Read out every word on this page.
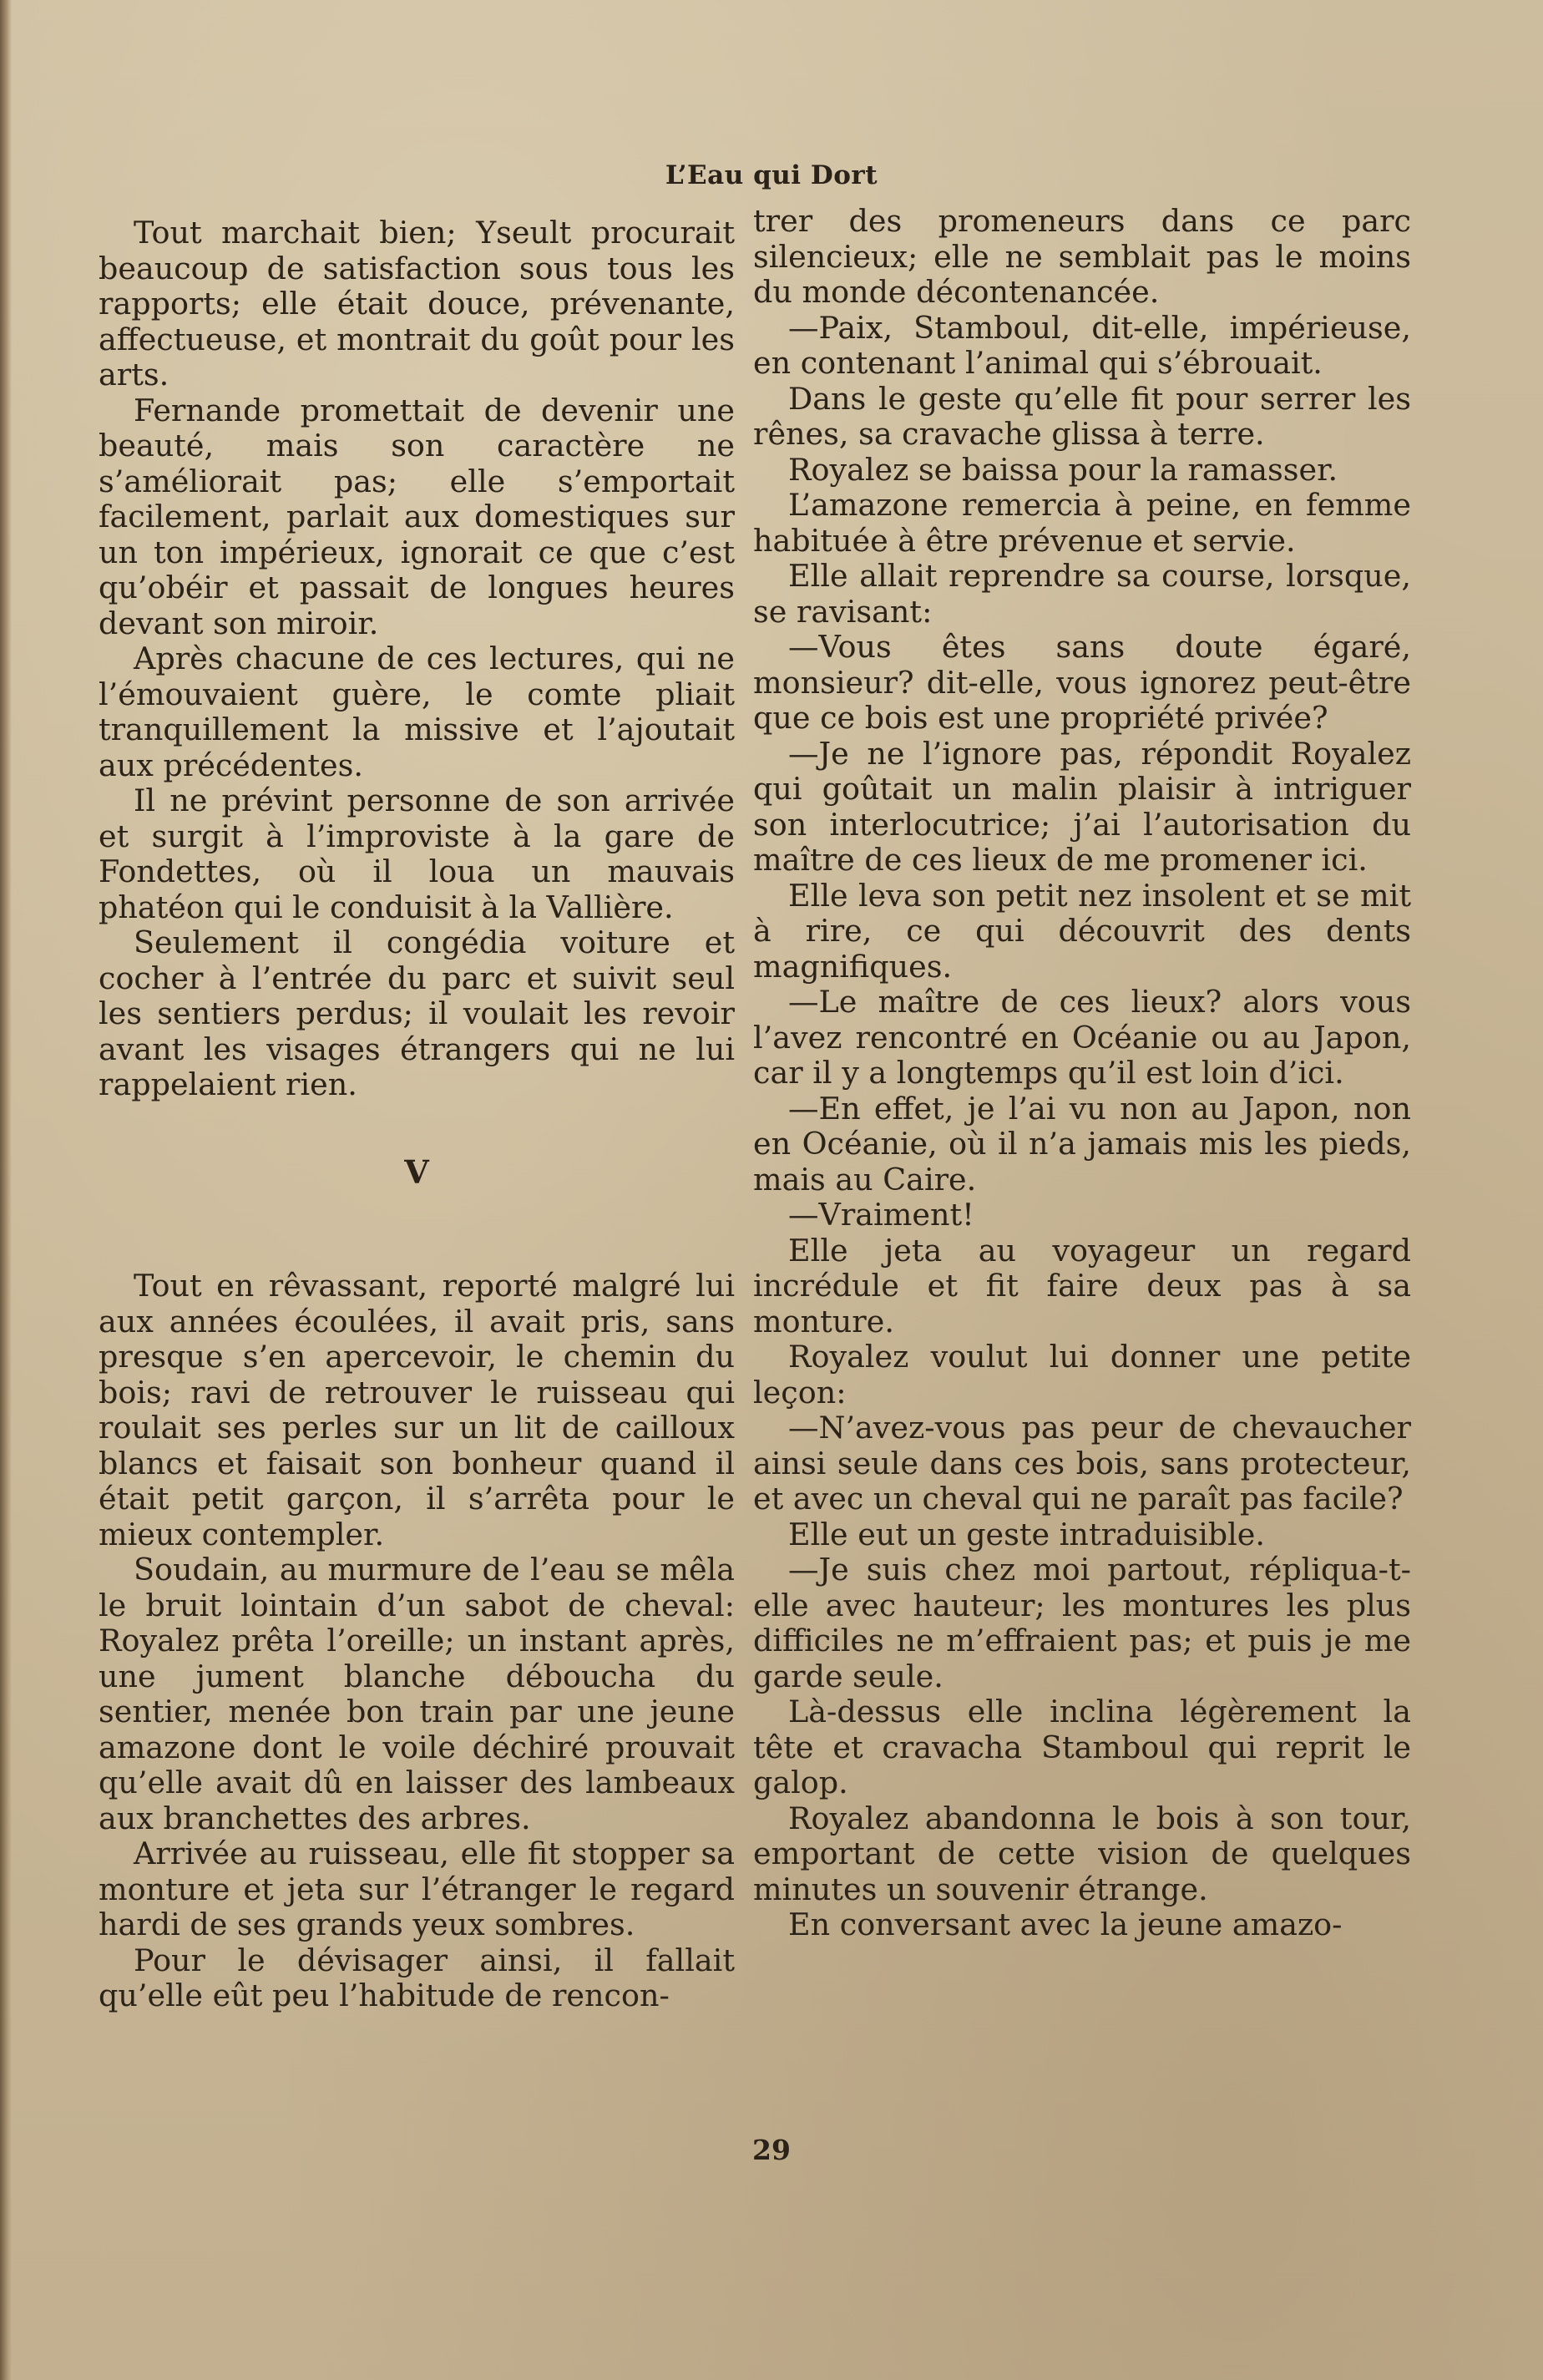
L’Eau qui Dort

Tout marchait bien; Yseult procurait beaucoup de satisfaction sous tous les rapports; elle était douce, prévenante, affectueuse, et montrait du goût pour les arts.

Fernande promettait de devenir une beauté, mais son caractère ne s’améliorait pas; elle s’emportait facilement, parlait aux domestiques sur un ton impérieux, ignorait ce que c’est qu’obéir et passait de longues heures devant son miroir.

Après chacune de ces lectures, qui ne l’émouvaient guère, le comte pliait tranquillement la missive et l’ajoutait aux précédentes.

Il ne prévint personne de son arrivée et surgit à l’improviste à la gare de Fondettes, où il loua un mauvais phatéon qui le conduisit à la Vallière.

Seulement il congédia voiture et cocher à l’entrée du parc et suivit seul les sentiers perdus; il voulait les revoir avant les visages étrangers qui ne lui rappelaient rien.

V

Tout en rêvassant, reporté malgré lui aux années écoulées, il avait pris, sans presque s’en apercevoir, le chemin du bois; ravi de retrouver le ruisseau qui roulait ses perles sur un lit de cailloux blancs et faisait son bonheur quand il était petit garçon, il s’arrêta pour le mieux contempler.

Soudain, au murmure de l’eau se mêla le bruit lointain d’un sabot de cheval: Royalez prêta l’oreille; un instant après, une jument blanche déboucha du sentier, menée bon train par une jeune amazone dont le voile déchiré prouvait qu’elle avait dû en laisser des lambeaux aux branchettes des arbres.

Arrivée au ruisseau, elle fit stopper sa monture et jeta sur l’étranger le regard hardi de ses grands yeux sombres.

Pour le dévisager ainsi, il fallait qu’elle eût peu l’habitude de rencon-

trer des promeneurs dans ce parc silencieux; elle ne semblait pas le moins du monde décontenancée.

—Paix, Stamboul, dit-elle, impérieuse, en contenant l’animal qui s’ébrouait.

Dans le geste qu’elle fit pour serrer les rênes, sa cravache glissa à terre.

Royalez se baissa pour la ramasser.

L’amazone remercia à peine, en femme habituée à être prévenue et servie.

Elle allait reprendre sa course, lorsque, se ravisant:

—Vous êtes sans doute égaré, monsieur? dit-elle, vous ignorez peut-être que ce bois est une propriété privée?

—Je ne l’ignore pas, répondit Royalez qui goûtait un malin plaisir à intriguer son interlocutrice; j’ai l’autorisation du maître de ces lieux de me promener ici.

Elle leva son petit nez insolent et se mit à rire, ce qui découvrit des dents magnifiques.

—Le maître de ces lieux? alors vous l’avez rencontré en Océanie ou au Japon, car il y a longtemps qu’il est loin d’ici.

—En effet, je l’ai vu non au Japon, non en Océanie, où il n’a jamais mis les pieds, mais au Caire.

—Vraiment!

Elle jeta au voyageur un regard incrédule et fit faire deux pas à sa monture.

Royalez voulut lui donner une petite leçon:

—N’avez-vous pas peur de chevaucher ainsi seule dans ces bois, sans protecteur, et avec un cheval qui ne paraît pas facile?

Elle eut un geste intraduisible.

—Je suis chez moi partout, répliqua-t-elle avec hauteur; les montures les plus difficiles ne m’effraient pas; et puis je me garde seule.

Là-dessus elle inclina légèrement la tête et cravacha Stamboul qui reprit le galop.

Royalez abandonna le bois à son tour, emportant de cette vision de quelques minutes un souvenir étrange.

En conversant avec la jeune amazo-

29
